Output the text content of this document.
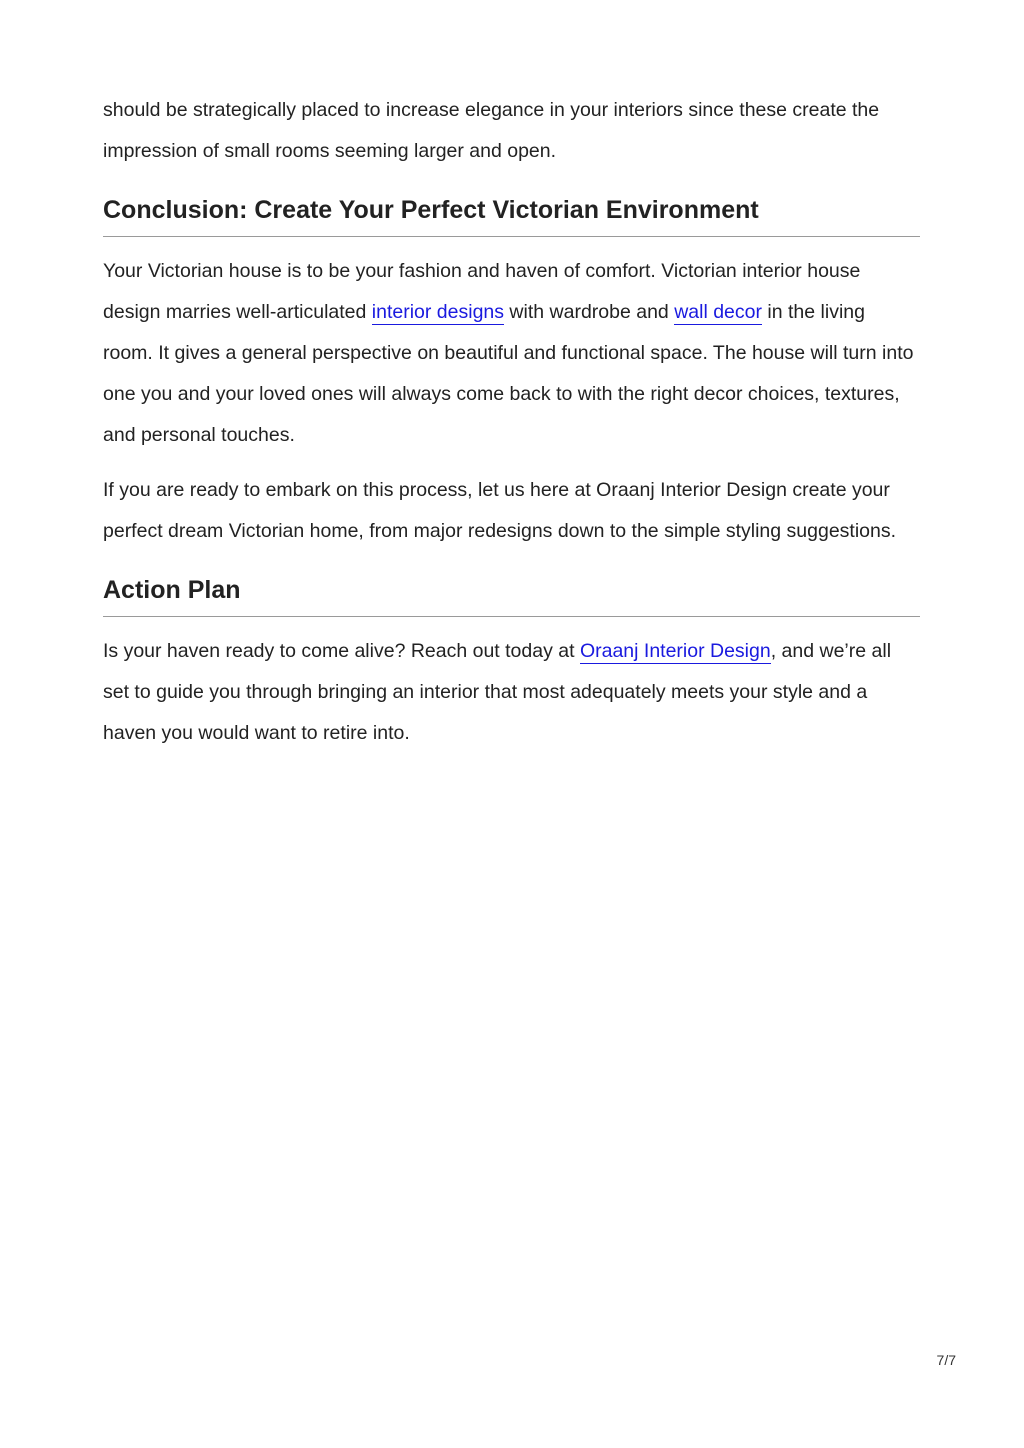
should be strategically placed to increase elegance in your interiors since these create the impression of small rooms seeming larger and open.

Conclusion: Create Your Perfect Victorian Environment

Your Victorian house is to be your fashion and haven of comfort. Victorian interior house design marries well-articulated interior designs with wardrobe and wall decor in the living room. It gives a general perspective on beautiful and functional space. The house will turn into one you and your loved ones will always come back to with the right decor choices, textures, and personal touches.

If you are ready to embark on this process, let us here at Oraanj Interior Design create your perfect dream Victorian home, from major redesigns down to the simple styling suggestions.

Action Plan

Is your haven ready to come alive? Reach out today at Oraanj Interior Design, and we’re all set to guide you through bringing an interior that most adequately meets your style and a haven you would want to retire into.

7/7
